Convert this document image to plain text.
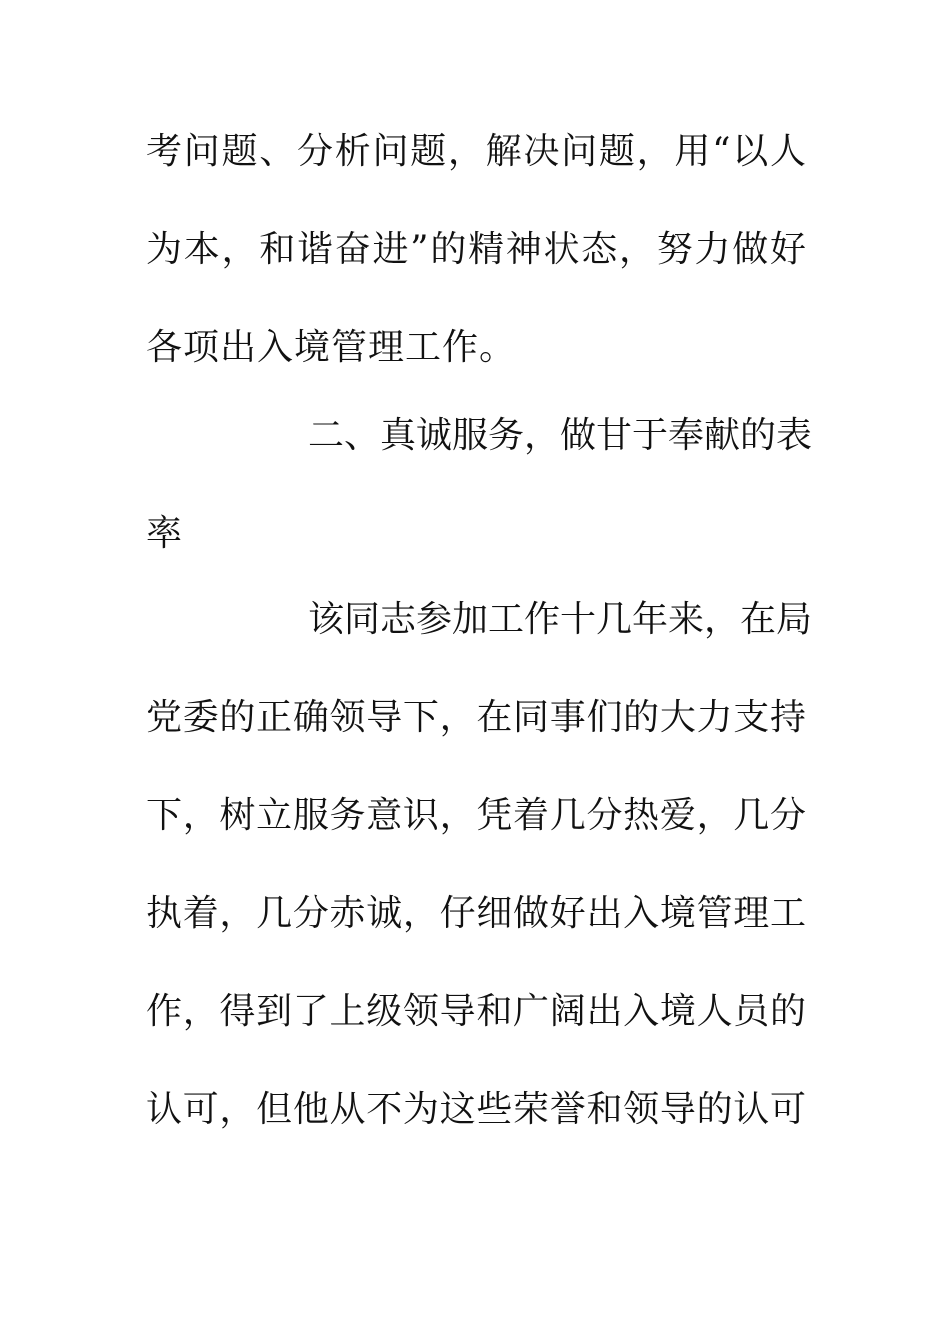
考问题、分析问题，解决问题，用“以人
为本，和谐奋进”的精神状态，努力做好
各项出入境管理工作。
二、真诚服务，做甘于奉献的表
率
该同志参加工作十几年来，在局
党委的正确领导下，在同事们的大力支持
下，树立服务意识，凭着几分热爱，几分
执着，几分赤诚，仔细做好出入境管理工
作，得到了上级领导和广阔出入境人员的
认可，但他从不为这些荣誉和领导的认可
